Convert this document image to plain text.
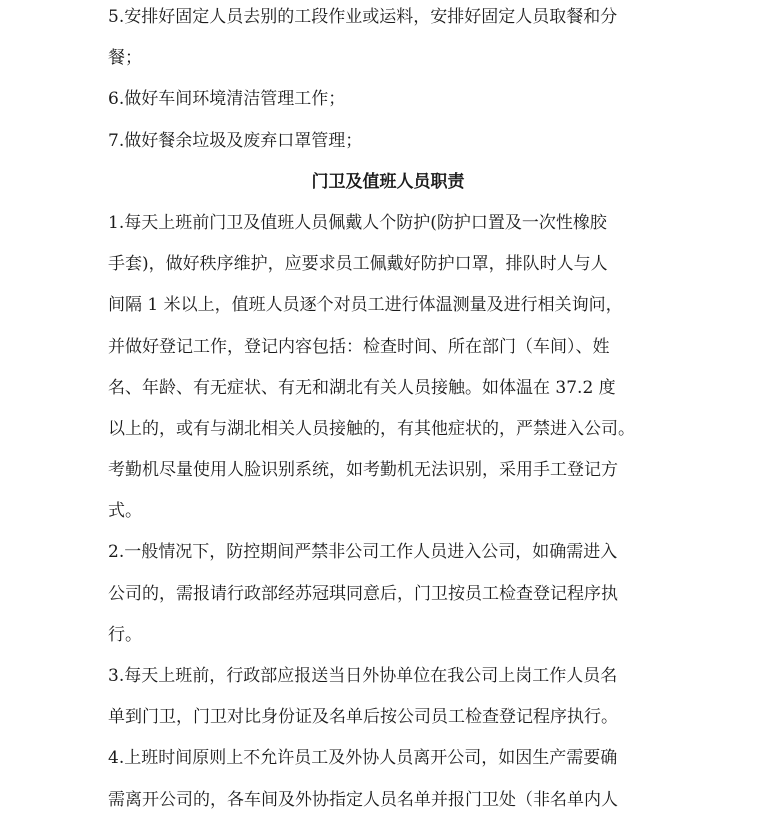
5.安排好固定人员去别的工段作业或运料，安排好固定人员取餐和分
餐；
6.做好车间环境清洁管理工作；
7.做好餐余垃圾及废弃口罩管理；
门卫及值班人员职责
1.每天上班前门卫及值班人员佩戴人个防护(防护口置及一次性橡胶
手套)，做好秩序维护，应要求员工佩戴好防护口罩，排队时人与人
间隔 1 米以上，值班人员逐个对员工进行体温测量及进行相关询问，
并做好登记工作，登记内容包括：检查时间、所在部门（车间）、姓
名、年龄、有无症状、有无和湖北有关人员接触。如体温在 37.2 度
以上的，或有与湖北相关人员接触的，有其他症状的，严禁进入公司。
考勤机尽量使用人脸识别系统，如考勤机无法识别，采用手工登记方
式。
2.一般情况下，防控期间严禁非公司工作人员进入公司，如确需进入
公司的，需报请行政部经苏冠琪同意后，门卫按员工检查登记程序执
行。
3.每天上班前，行政部应报送当日外协单位在我公司上岗工作人员名
单到门卫，门卫对比身份证及名单后按公司员工检查登记程序执行。
4.上班时间原则上不允许员工及外协人员离开公司，如因生产需要确
需离开公司的，各车间及外协指定人员名单并报门卫处（非名单内人
